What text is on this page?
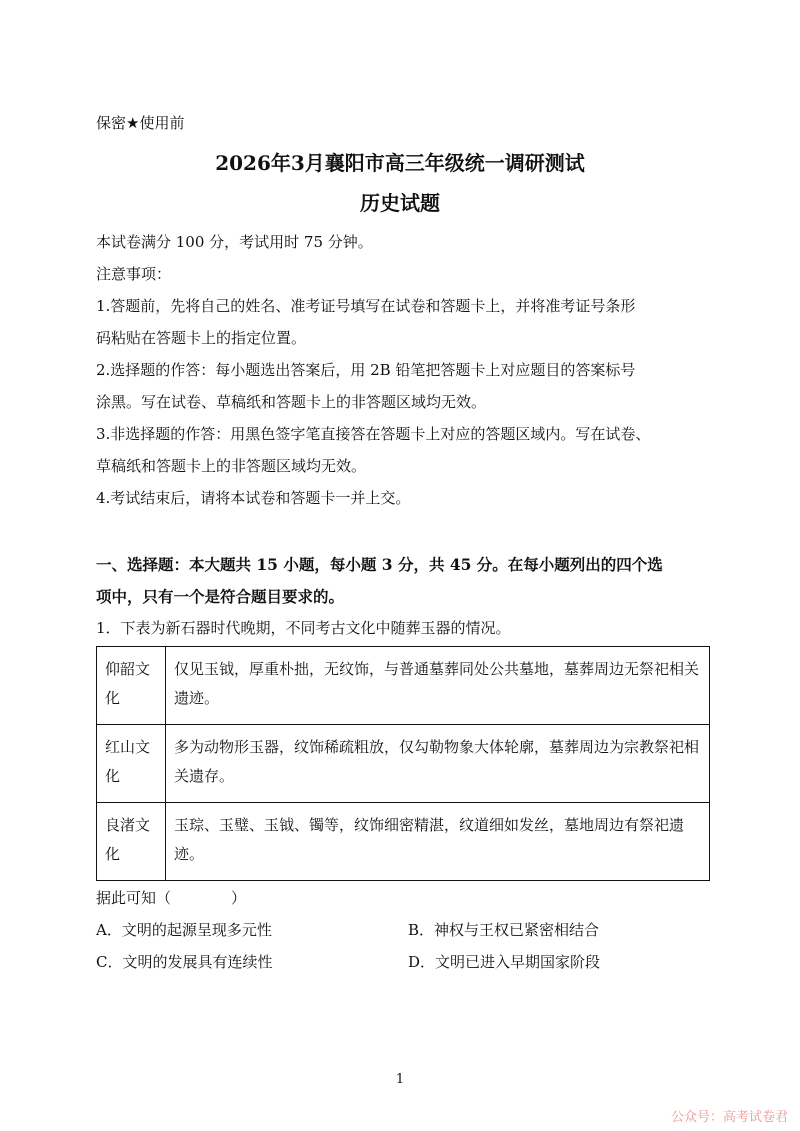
保密★使用前
2026年3月襄阳市高三年级统一调研测试
历史试题
本试卷满分 100 分，考试用时 75 分钟。
注意事项：
1.答题前，先将自己的姓名、准考证号填写在试卷和答题卡上，并将准考证号条形
码粘贴在答题卡上的指定位置。
2.选择题的作答：每小题选出答案后，用 2B 铅笔把答题卡上对应题目的答案标号
涂黑。写在试卷、草稿纸和答题卡上的非答题区域均无效。
3.非选择题的作答：用黑色签字笔直接答在答题卡上对应的答题区域内。写在试卷、
草稿纸和答题卡上的非答题区域均无效。
4.考试结束后，请将本试卷和答题卡一并上交。
一、选择题：本大题共 15 小题，每小题 3 分，共 45 分。在每小题列出的四个选
项中，只有一个是符合题目要求的。
1．下表为新石器时代晚期，不同考古文化中随葬玉器的情况。
仰韶文化	仅见玉钺，厚重朴拙，无纹饰，与普通墓葬同处公共墓地，墓葬周边无祭祀相关遗迹。
红山文化	多为动物形玉器，纹饰稀疏粗放，仅勾勒物象大体轮廓，墓葬周边为宗教祭祀相关遗存。
良渚文化	玉琮、玉璧、玉钺、镯等，纹饰细密精湛，纹道细如发丝，墓地周边有祭祀遗迹。
据此可知（　　　　）
A．文明的起源呈现多元性	B．神权与王权已紧密相结合
C．文明的发展具有连续性	D．文明已进入早期国家阶段
1
公众号：高考试卷君
